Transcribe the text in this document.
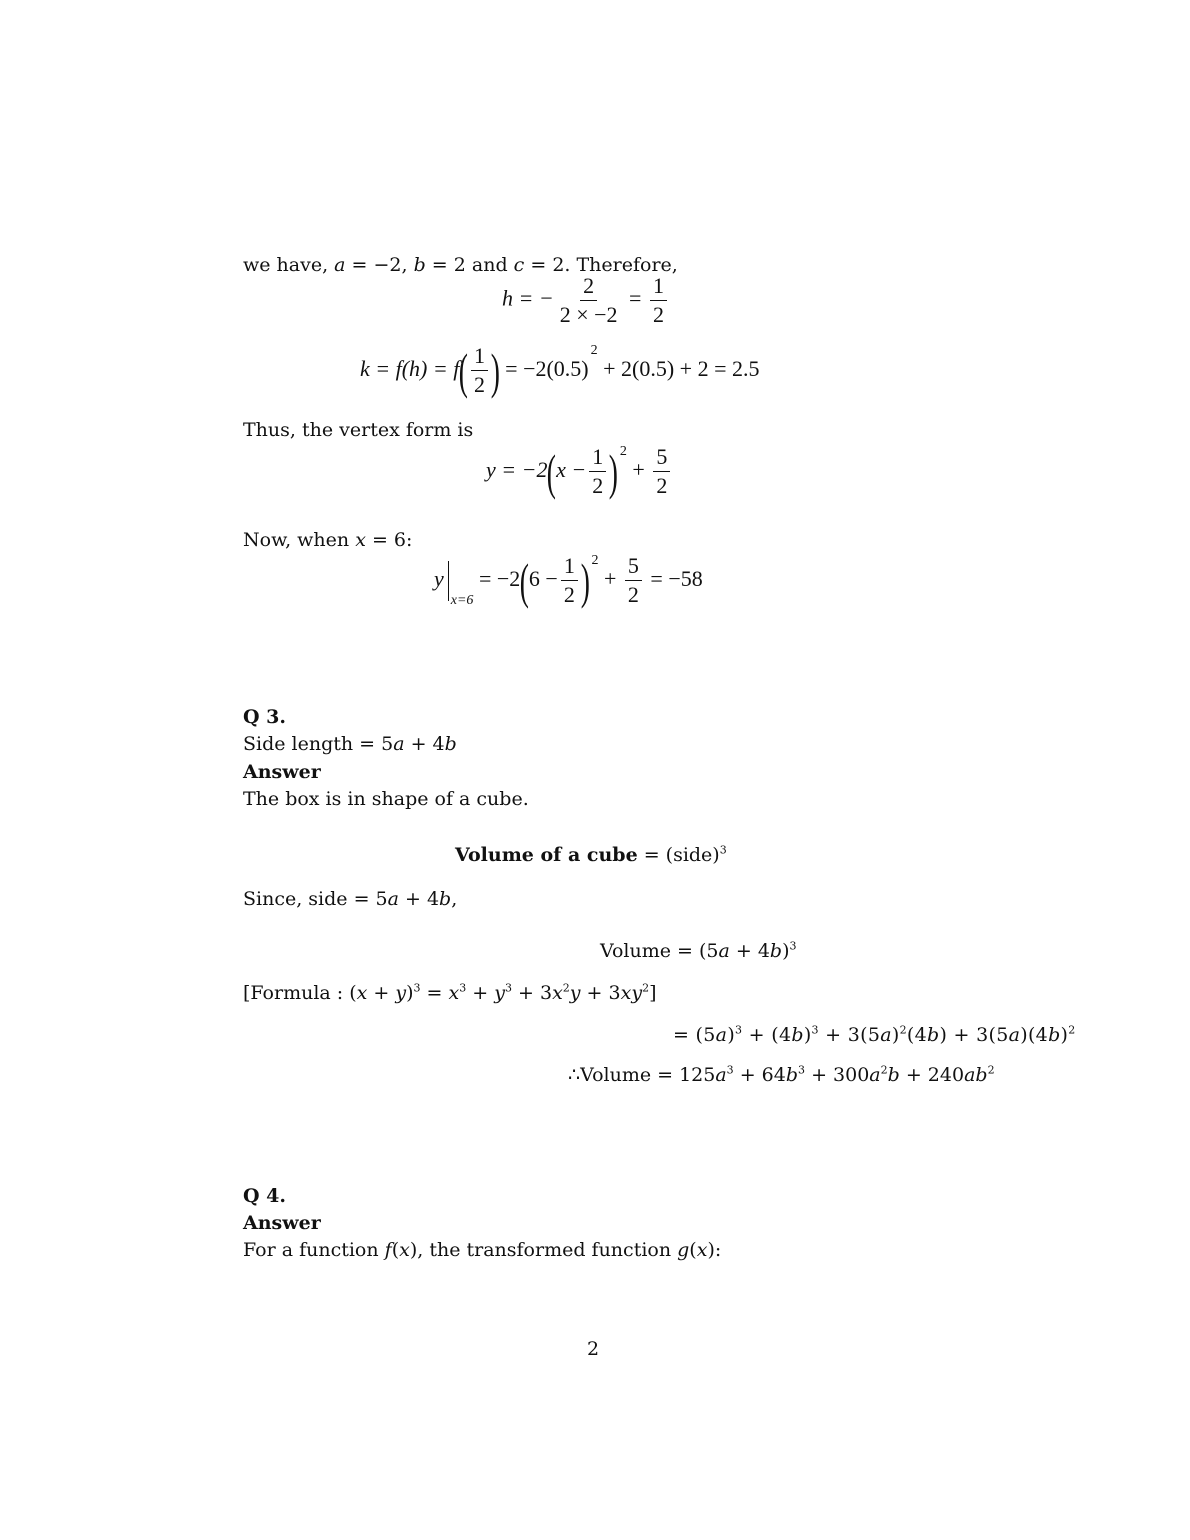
we have, a = −2, b = 2 and c = 2. Therefore,
h = − $\frac{2}{2 \times -2} = \frac{1}{2}$
$k = f(h) = f( \frac{1}{2}$ ) = $-2(0.5)^2 + 2(0.5) + 2 = 2.5$
Thus, the vertex form is
$y = -2(x - \frac{1}{2}$ ) $^2 + \frac{5}{2}$
Now, when x = 6:
$y_{x=6} = -2(6 - \frac{1}{2}$ ) $^2 + \frac{5}{2} = -58$
Q 3.
Side length = 5a + 4b
Answer
The box is in shape of a cube.
Volume of a cube = (side)$^3$
Since, side = 5a + 4b,
Volume = $(5a + 4b)^3$
[Formula : $(x + y)^3 = x^3 + y^3 + 3x^2y + 3xy^2$]
= $(5a)^3 + (4b)^3 + 3(5a)^2(4b) + 3(5a)(4b)^2$
∴Volume = $125a^3 + 64b^3 + 300a^2b + 240ab^2$
Q 4.
Answer
For a function f(x), the transformed function g(x):
2
